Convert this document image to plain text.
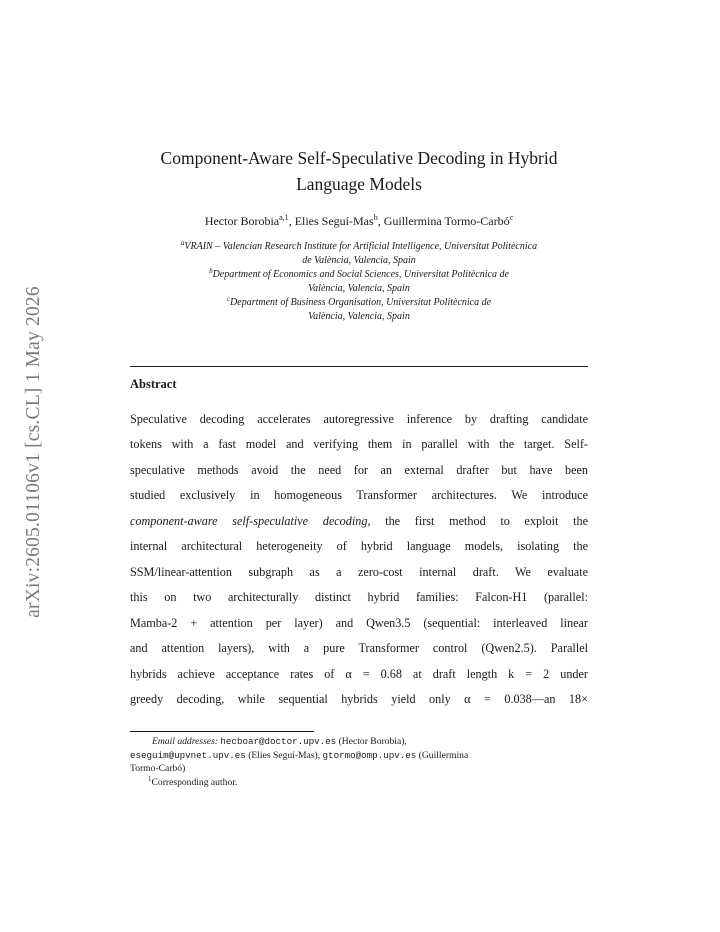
arXiv:2605.01106v1 [cs.CL] 1 May 2026
Component-Aware Self-Speculative Decoding in Hybrid
Language Models
Hector Borobia$^{a,1}$, Elies Seguí-Mas$^b$, Guillermina Tormo-Carbó$^c$

$^a$VRAIN – Valencian Research Institute for Artificial Intelligence, Universitat Politècnica

de València, Valencia, Spain

$^b$Department of Economics and Social Sciences, Universitat Politècnica de

València, Valencia, Spain

$^c$Department of Business Organisation, Universitat Politècnica de

València, Valencia, Spain

Abstract
Speculative decoding accelerates autoregressive inference by drafting candidate
tokens with a fast model and verifying them in parallel with the target. Self-
speculative methods avoid the need for an external drafter but have been
studied exclusively in homogeneous Transformer architectures. We introduce
component-aware self-speculative decoding, the first method to exploit the
internal architectural heterogeneity of hybrid language models, isolating the
SSM/linear-attention subgraph as a zero-cost internal draft. We evaluate
this on two architecturally distinct hybrid families: Falcon-H1 (parallel:
Mamba-2 + attention per layer) and Qwen3.5 (sequential: interleaved linear
and attention layers), with a pure Transformer control (Qwen2.5). Parallel
hybrids achieve acceptance rates of α = 0.68 at draft length k = 2 under
greedy decoding, while sequential hybrids yield only α = 0.038—an 18×

Email addresses: hecboar@doctor.upv.es (Hector Borobia),

eseguim@upvnet.upv.es (Elies Seguí-Mas), gtormo@omp.upv.es (Guillermina

Tormo-Carbó)

$^1$Corresponding author.
